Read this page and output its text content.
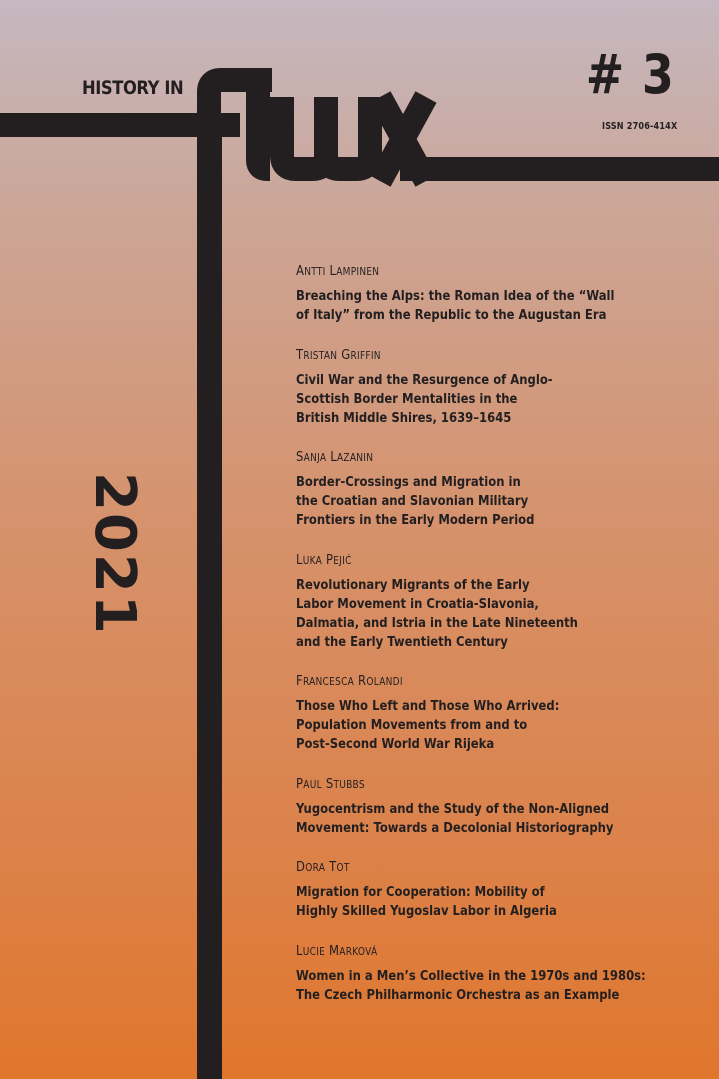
HISTORY IN	# 3
ISSN 2706-414X
2021
ANTTI LAMPINEN
Breaching the Alps: the Roman Idea of the “Wall
of Italy” from the Republic to the Augustan Era
TRISTAN GRIFFIN
Civil War and the Resurgence of Anglo-
Scottish Border Mentalities in the
British Middle Shires, 1639–1645
SANJA LAZANIN
Border-Crossings and Migration in
the Croatian and Slavonian Military
Frontiers in the Early Modern Period
LUKA PEJIĆ
Revolutionary Migrants of the Early
Labor Movement in Croatia-Slavonia,
Dalmatia, and Istria in the Late Nineteenth
and the Early Twentieth Century
FRANCESCA ROLANDI
Those Who Left and Those Who Arrived:
Population Movements from and to
Post-Second World War Rijeka
PAUL STUBBS
Yugocentrism and the Study of the Non-Aligned
Movement: Towards a Decolonial Historiography
DORA TOT
Migration for Cooperation: Mobility of
Highly Skilled Yugoslav Labor in Algeria
LUCIE MARKOVÁ
Women in a Men’s Collective in the 1970s and 1980s:
The Czech Philharmonic Orchestra as an Example
